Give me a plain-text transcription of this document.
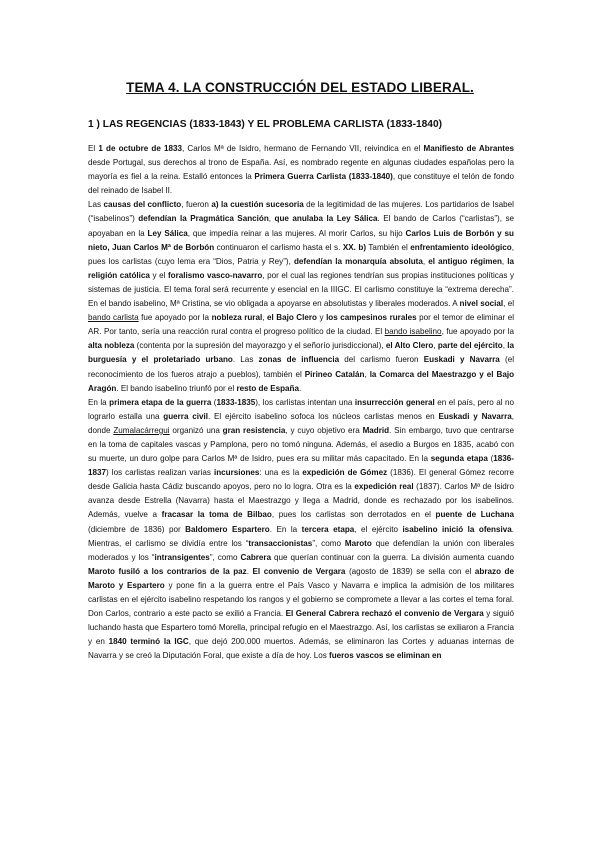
TEMA 4. LA CONSTRUCCIÓN DEL ESTADO LIBERAL.
1 ) LAS REGENCIAS (1833-1843) Y EL PROBLEMA CARLISTA (1833-1840)

El 1 de octubre de 1833, Carlos Mª de Isidro, hermano de Fernando VII, reivindica en el Manifiesto de Abrantes desde Portugal, sus derechos al trono de España. Así, es nombrado regente en algunas ciudades españolas pero la mayoría es fiel a la reina. Estalló entonces la Primera Guerra Carlista (1833-1840), que constituye el telón de fondo del reinado de Isabel II.

Las causas del conflicto, fueron a) la cuestión sucesoria de la legitimidad de las mujeres. Los partidarios de Isabel (“isabelinos”) defendían la Pragmática Sanción, que anulaba la Ley Sálica. El bando de Carlos (“carlistas”), se apoyaban en la Ley Sálica, que impedía reinar a las mujeres. Al morir Carlos, su hijo Carlos Luis de Borbón y su nieto, Juan Carlos Mª de Borbón continuaron el carlismo hasta el s. XX. b) También el enfrentamiento ideológico, pues los carlistas (cuyo lema era “Dios, Patria y Rey”), defendían la monarquía absoluta, el antiguo régimen, la religión católica y el foralismo vasco-navarro, por el cual las regiones tendrían sus propias instituciones políticas y sistemas de justicia. El tema foral será recurrente y esencial en la IIIGC. El carlismo constituye la “extrema derecha”. En el bando isabelino, Mª Cristina, se vio obligada a apoyarse en absolutistas y liberales moderados. A nivel social, el bando carlista fue apoyado por la nobleza rural, el Bajo Clero y los campesinos rurales por el temor de eliminar el AR. Por tanto, sería una reacción rural contra el progreso político de la ciudad. El bando isabelino, fue apoyado por la alta nobleza (contenta por la supresión del mayorazgo y el señorío jurisdiccional), el Alto Clero, parte del ejército, la burguesía y el proletariado urbano. Las zonas de influencia del carlismo fueron Euskadi y Navarra (el reconocimiento de los fueros atrajo a pueblos), también el Pirineo Catalán, la Comarca del Maestrazgo y el Bajo Aragón. El bando isabelino triunfó por el resto de España.

En la primera etapa de la guerra (1833-1835), los carlistas intentan una insurrección general en el país, pero al no lograrlo estalla una guerra civil. El ejército isabelino sofoca los núcleos carlistas menos en Euskadi y Navarra, donde Zumalacárregui organizó una gran resistencia, y cuyo objetivo era Madrid. Sin embargo, tuvo que centrarse en la toma de capitales vascas y Pamplona, pero no tomó ninguna. Además, el asedio a Burgos en 1835, acabó con su muerte, un duro golpe para Carlos Mª de Isidro, pues era su militar más capacitado. En la segunda etapa (1836-1837) los carlistas realizan varias incursiones: una es la expedición de Gómez (1836). El general Gómez recorre desde Galicia hasta Cádiz buscando apoyos, pero no lo logra. Otra es la expedición real (1837). Carlos Mª de Isidro avanza desde Estrella (Navarra) hasta el Maestrazgo y llega a Madrid, donde es rechazado por los isabelinos. Además, vuelve a fracasar la toma de Bilbao, pues los carlistas son derrotados en el puente de Luchana (diciembre de 1836) por Baldomero Espartero. En la tercera etapa, el ejército isabelino inició la ofensiva. Mientras, el carlismo se dividía entre los “transaccionistas”, como Maroto que defendían la unión con liberales moderados y los “intransigentes”, como Cabrera que querían continuar con la guerra. La división aumenta cuando Maroto fusiló a los contrarios de la paz. El convenio de Vergara (agosto de 1839) se sella con el abrazo de Maroto y Espartero y pone fin a la guerra entre el País Vasco y Navarra e implica la admisión de los militares carlistas en el ejército isabelino respetando los rangos y el gobierno se compromete a llevar a las cortes el tema foral. Don Carlos, contrario a este pacto se exilió a Francia. El General Cabrera rechazó el convenio de Vergara y siguió luchando hasta que Espartero tomó Morella, principal refugio en el Maestrazgo. Así, los carlistas se exiliaron a Francia y en 1840 terminó la IGC, que dejó 200.000 muertos. Además, se eliminaron las Cortes y aduanas internas de Navarra y se creó la Diputación Foral, que existe a día de hoy. Los fueros vascos se eliminan en
